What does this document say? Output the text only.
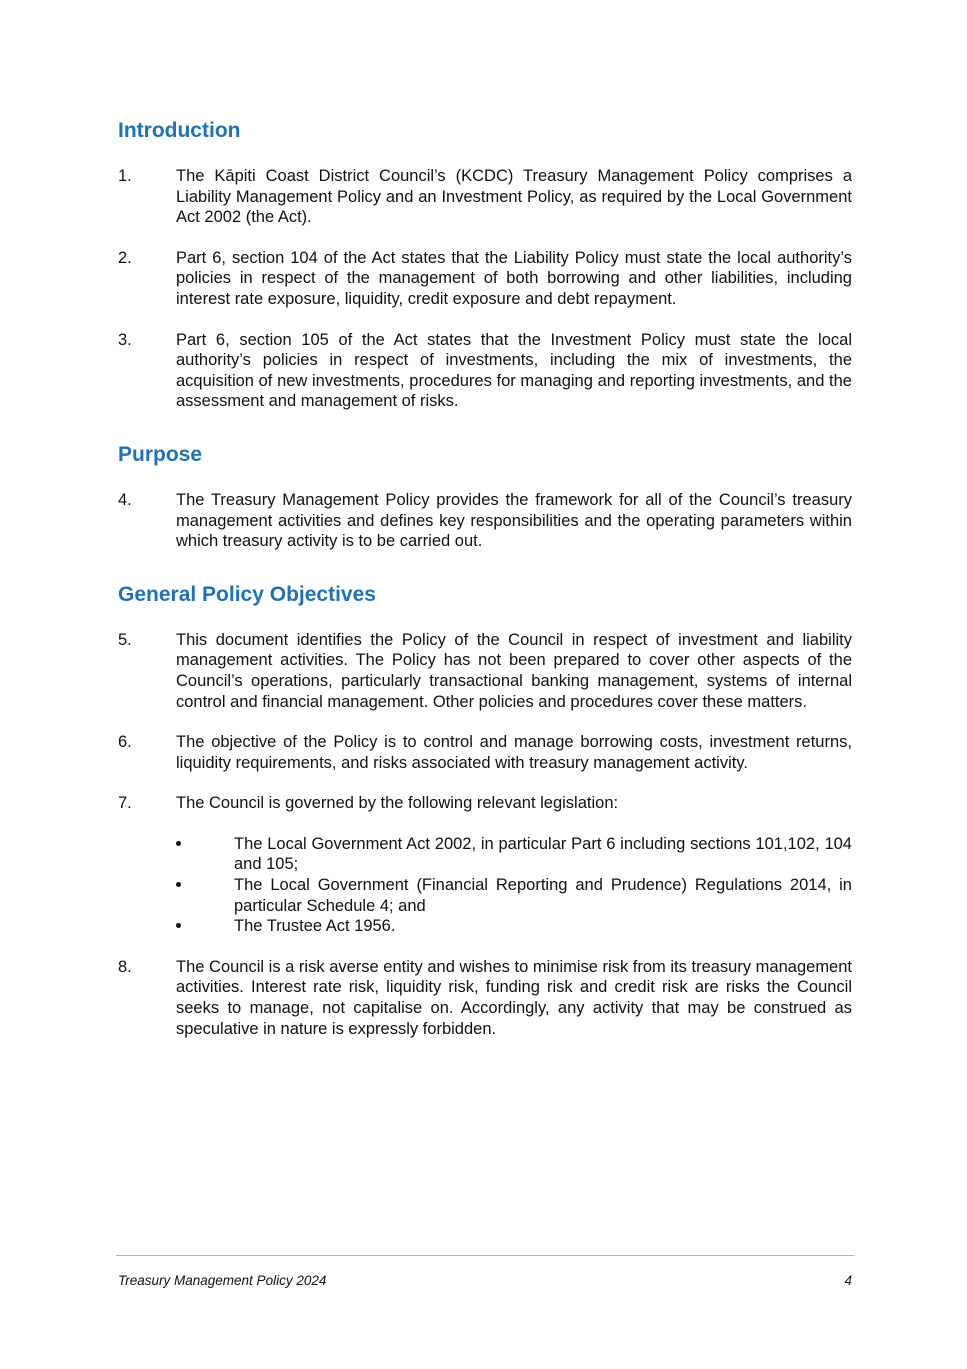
Introduction
1.	The Kāpiti Coast District Council’s (KCDC) Treasury Management Policy comprises a Liability Management Policy and an Investment Policy, as required by the Local Government Act 2002 (the Act).
2.	Part 6, section 104 of the Act states that the Liability Policy must state the local authority’s policies in respect of the management of both borrowing and other liabilities, including interest rate exposure, liquidity, credit exposure and debt repayment.
3.	Part 6, section 105 of the Act states that the Investment Policy must state the local authority’s policies in respect of investments, including the mix of investments, the acquisition of new investments, procedures for managing and reporting investments, and the assessment and management of risks.
Purpose
4.	The Treasury Management Policy provides the framework for all of the Council’s treasury management activities and defines key responsibilities and the operating parameters within which treasury activity is to be carried out.
General Policy Objectives
5.	This document identifies the Policy of the Council in respect of investment and liability management activities. The Policy has not been prepared to cover other aspects of the Council’s operations, particularly transactional banking management, systems of internal control and financial management. Other policies and procedures cover these matters.
6.	The objective of the Policy is to control and manage borrowing costs, investment returns, liquidity requirements, and risks associated with treasury management activity.
7.	The Council is governed by the following relevant legislation:
The Local Government Act 2002, in particular Part 6 including sections 101,102, 104 and 105;
The Local Government (Financial Reporting and Prudence) Regulations 2014, in particular Schedule 4; and
The Trustee Act 1956.
8.	The Council is a risk averse entity and wishes to minimise risk from its treasury management activities. Interest rate risk, liquidity risk, funding risk and credit risk are risks the Council seeks to manage, not capitalise on. Accordingly, any activity that may be construed as speculative in nature is expressly forbidden.
Treasury Management Policy 2024	4
